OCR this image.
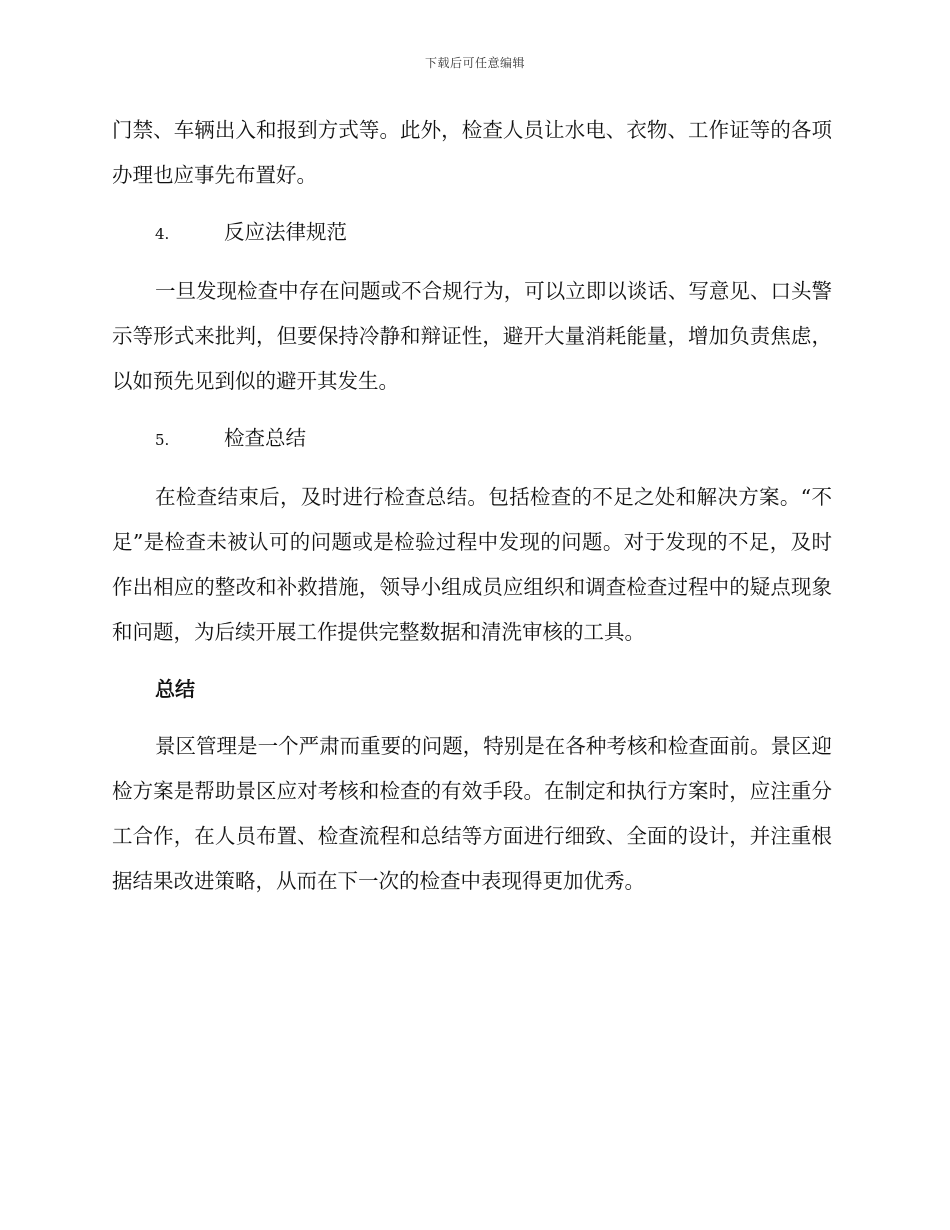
下载后可任意编辑

门禁、车辆出入和报到方式等。此外，检查人员让水电、衣物、工作证等的各项办理也应事先布置好。

4.	反应法律规范

一旦发现检查中存在问题或不合规行为，可以立即以谈话、写意见、口头警示等形式来批判，但要保持冷静和辩证性，避开大量消耗能量，增加负责焦虑，以如预先见到似的避开其发生。

5.	检查总结

在检查结束后，及时进行检查总结。包括检查的不足之处和解决方案。“不足”是检查未被认可的问题或是检验过程中发现的问题。对于发现的不足，及时作出相应的整改和补救措施，领导小组成员应组织和调查检查过程中的疑点现象和问题，为后续开展工作提供完整数据和清洗审核的工具。

总结

景区管理是一个严肃而重要的问题，特别是在各种考核和检查面前。景区迎检方案是帮助景区应对考核和检查的有效手段。在制定和执行方案时，应注重分工合作，在人员布置、检查流程和总结等方面进行细致、全面的设计，并注重根据结果改进策略，从而在下一次的检查中表现得更加优秀。
